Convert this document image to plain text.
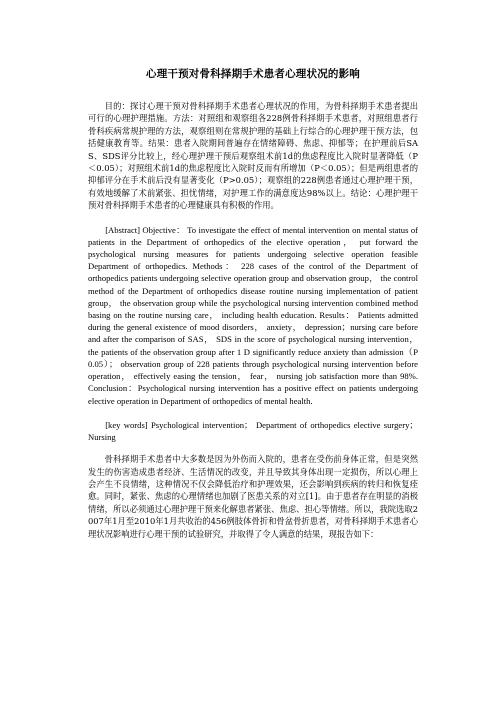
心理干预对骨科择期手术患者心理状况的影响

目的：探讨心理干预对骨科择期手术患者心理状况的作用，为骨科择期手术患者提出可行的心理护理措施。方法：对照组和观察组各228例骨科择期手术患者，对照组患者行骨科疾病常规护理的方法，观察组则在常规护理的基础上行综合的心理护理干预方法，包括健康教育等。结果：患者入院期间普遍存在情绪障碍、焦虑、抑郁等；在护理前后SAS、SDS评分比较上，经心理护理干预后观察组术前1d的焦虑程度比入院时显著降低（P＜0.05）；对照组术前1d的焦虑程度比入院时反而有所增加（P＜0.05）；但是两组患者的抑郁评分在手术前后没有显著变化（P>0.05）；观察组的228例患者通过心理护理干预，有效地缓解了术前紧张、担忧情绪，对护理工作的满意度达98%以上。结论：心理护理干预对骨科择期手术患者的心理健康具有积极的作用。

[Abstract] Objective： To investigate the effect of mental intervention on mental status of patients in the Department of orthopedics of the elective operation， put forward the psychological nursing measures for patients undergoing selective operation feasible Department of orthopedics. Methods： 228 cases of the control of the Department of orthopedics patients undergoing selective operation group and observation group， the control method of the Department of orthopedics disease routine nursing implementation of patient group， the observation group while the psychological nursing intervention combined method basing on the routine nursing care， including health education. Results： Patients admitted during the general existence of mood disorders， anxiety， depression；nursing care before and after the comparison of SAS， SDS in the score of psychological nursing intervention， the patients of the observation group after 1 D significantly reduce anxiety than admission（P 0.05）； observation group of 228 patients through psychological nursing intervention before operation， effectively easing the tension， fear， nursing job satisfaction more than 98%. Conclusion：Psychological nursing intervention has a positive effect on patients undergoing elective operation in Department of orthopedics of mental health.

[key words] Psychological intervention； Department of orthopedics elective surgery； Nursing

骨科择期手术患者中大多数是因为外伤而入院的，患者在受伤前身体正常，但是突然发生的伤害造成患者经济、生活情况的改变，并且导致其身体出现一定损伤，所以心理上会产生不良情绪，这种情况不仅会降低治疗和护理效果，还会影响到疾病的转归和恢复痊愈。同时，紧张、焦虑的心理情绪也加剧了医患关系的对立[1]。由于患者存在明显的消极情绪，所以必须通过心理护理干预来化解患者紧张、焦虑、担心等情绪。所以，我院选取2007年1月至2010年1月共收治的456例肢体骨折和骨盆骨折患者，对骨科择期手术患者心理状况影响进行心理干预的试验研究，并取得了令人满意的结果，现报告如下：
